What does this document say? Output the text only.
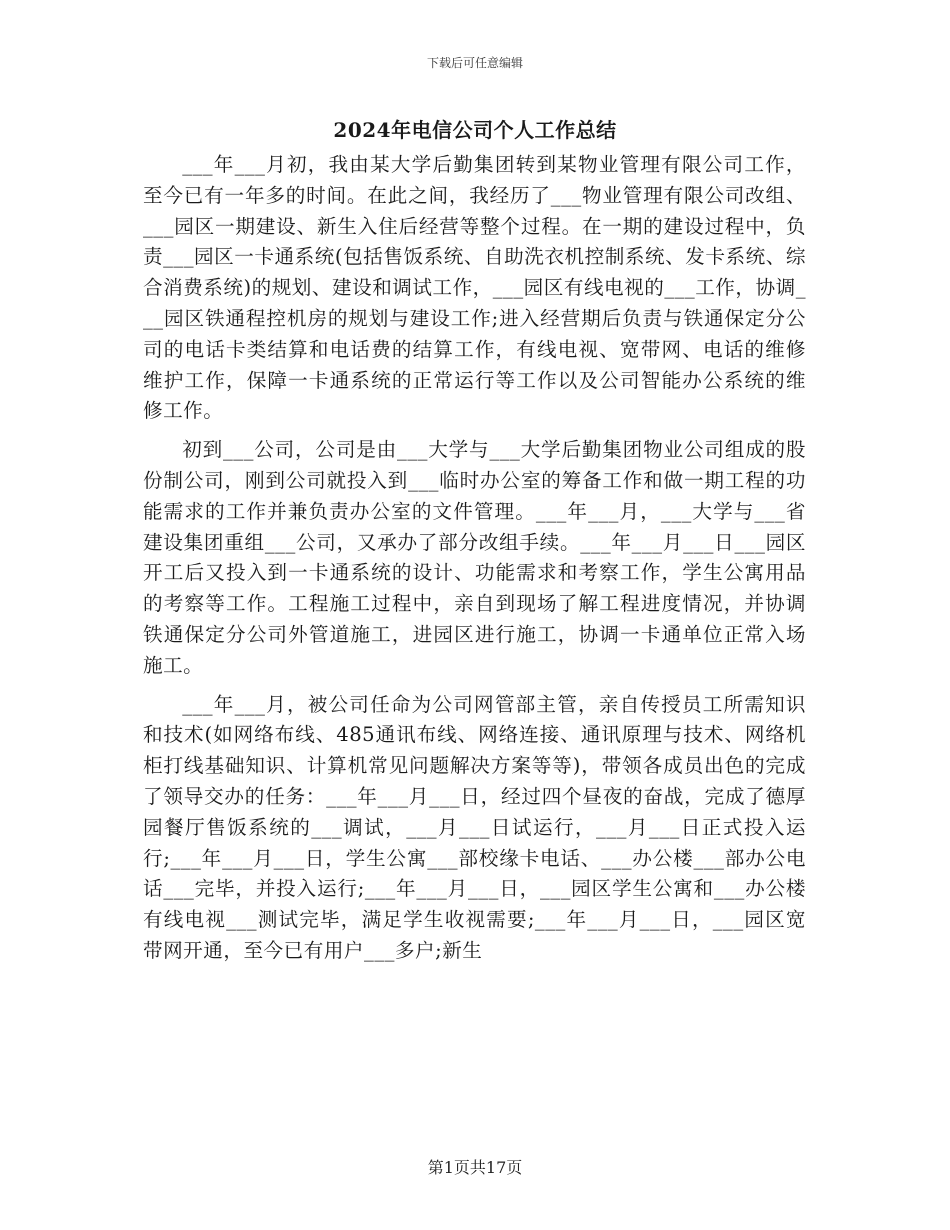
下载后可任意编辑
2024年电信公司个人工作总结

___年___月初，我由某大学后勤集团转到某物业管理有限公司工作，至今已有一年多的时间。在此之间，我经历了___物业管理有限公司改组、___园区一期建设、新生入住后经营等整个过程。在一期的建设过程中，负责___园区一卡通系统(包括售饭系统、自助洗衣机控制系统、发卡系统、综合消费系统)的规划、建设和调试工作，___园区有线电视的___工作，协调___园区铁通程控机房的规划与建设工作;进入经营期后负责与铁通保定分公司的电话卡类结算和电话费的结算工作，有线电视、宽带网、电话的维修维护工作，保障一卡通系统的正常运行等工作以及公司智能办公系统的维修工作。

初到___公司，公司是由___大学与___大学后勤集团物业公司组成的股份制公司，刚到公司就投入到___临时办公室的筹备工作和做一期工程的功能需求的工作并兼负责办公室的文件管理。___年___月，___大学与___省建设集团重组___公司，又承办了部分改组手续。___年___月___日___园区开工后又投入到一卡通系统的设计、功能需求和考察工作，学生公寓用品的考察等工作。工程施工过程中，亲自到现场了解工程进度情况，并协调铁通保定分公司外管道施工，进园区进行施工，协调一卡通单位正常入场施工。

___年___月，被公司任命为公司网管部主管，亲自传授员工所需知识和技术(如网络布线、485通讯布线、网络连接、通讯原理与技术、网络机柜打线基础知识、计算机常见问题解决方案等等)，带领各成员出色的完成了领导交办的任务：___年___月___日，经过四个昼夜的奋战，完成了德厚园餐厅售饭系统的___调试，___月___日试运行，___月___日正式投入运行;___年___月___日，学生公寓___部校缘卡电话、___办公楼___部办公电话___完毕，并投入运行;___年___月___日，___园区学生公寓和___办公楼有线电视___测试完毕，满足学生收视需要;___年___月___日，___园区宽带网开通，至今已有用户___多户;新生

第1页共17页
